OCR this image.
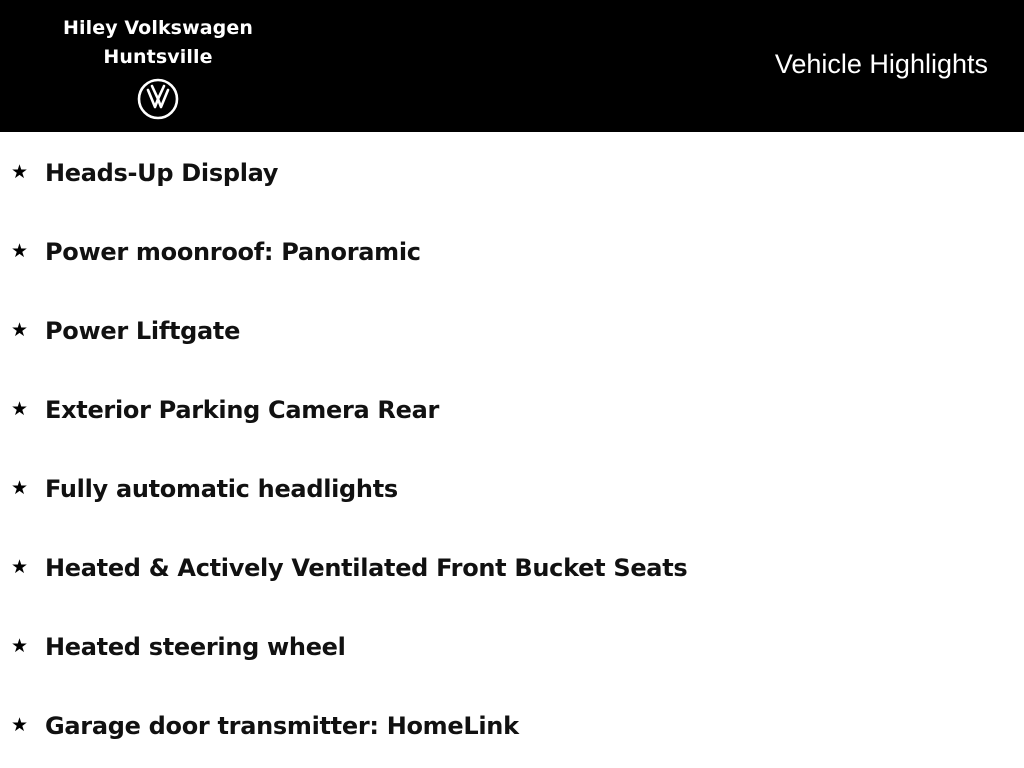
Hiley Volkswagen
Huntsville	Vehicle Highlights
★ Heads-Up Display
★ Power moonroof: Panoramic
★ Power Liftgate
★ Exterior Parking Camera Rear
★ Fully automatic headlights
★ Heated & Actively Ventilated Front Bucket Seats
★ Heated steering wheel
★ Garage door transmitter: HomeLink
